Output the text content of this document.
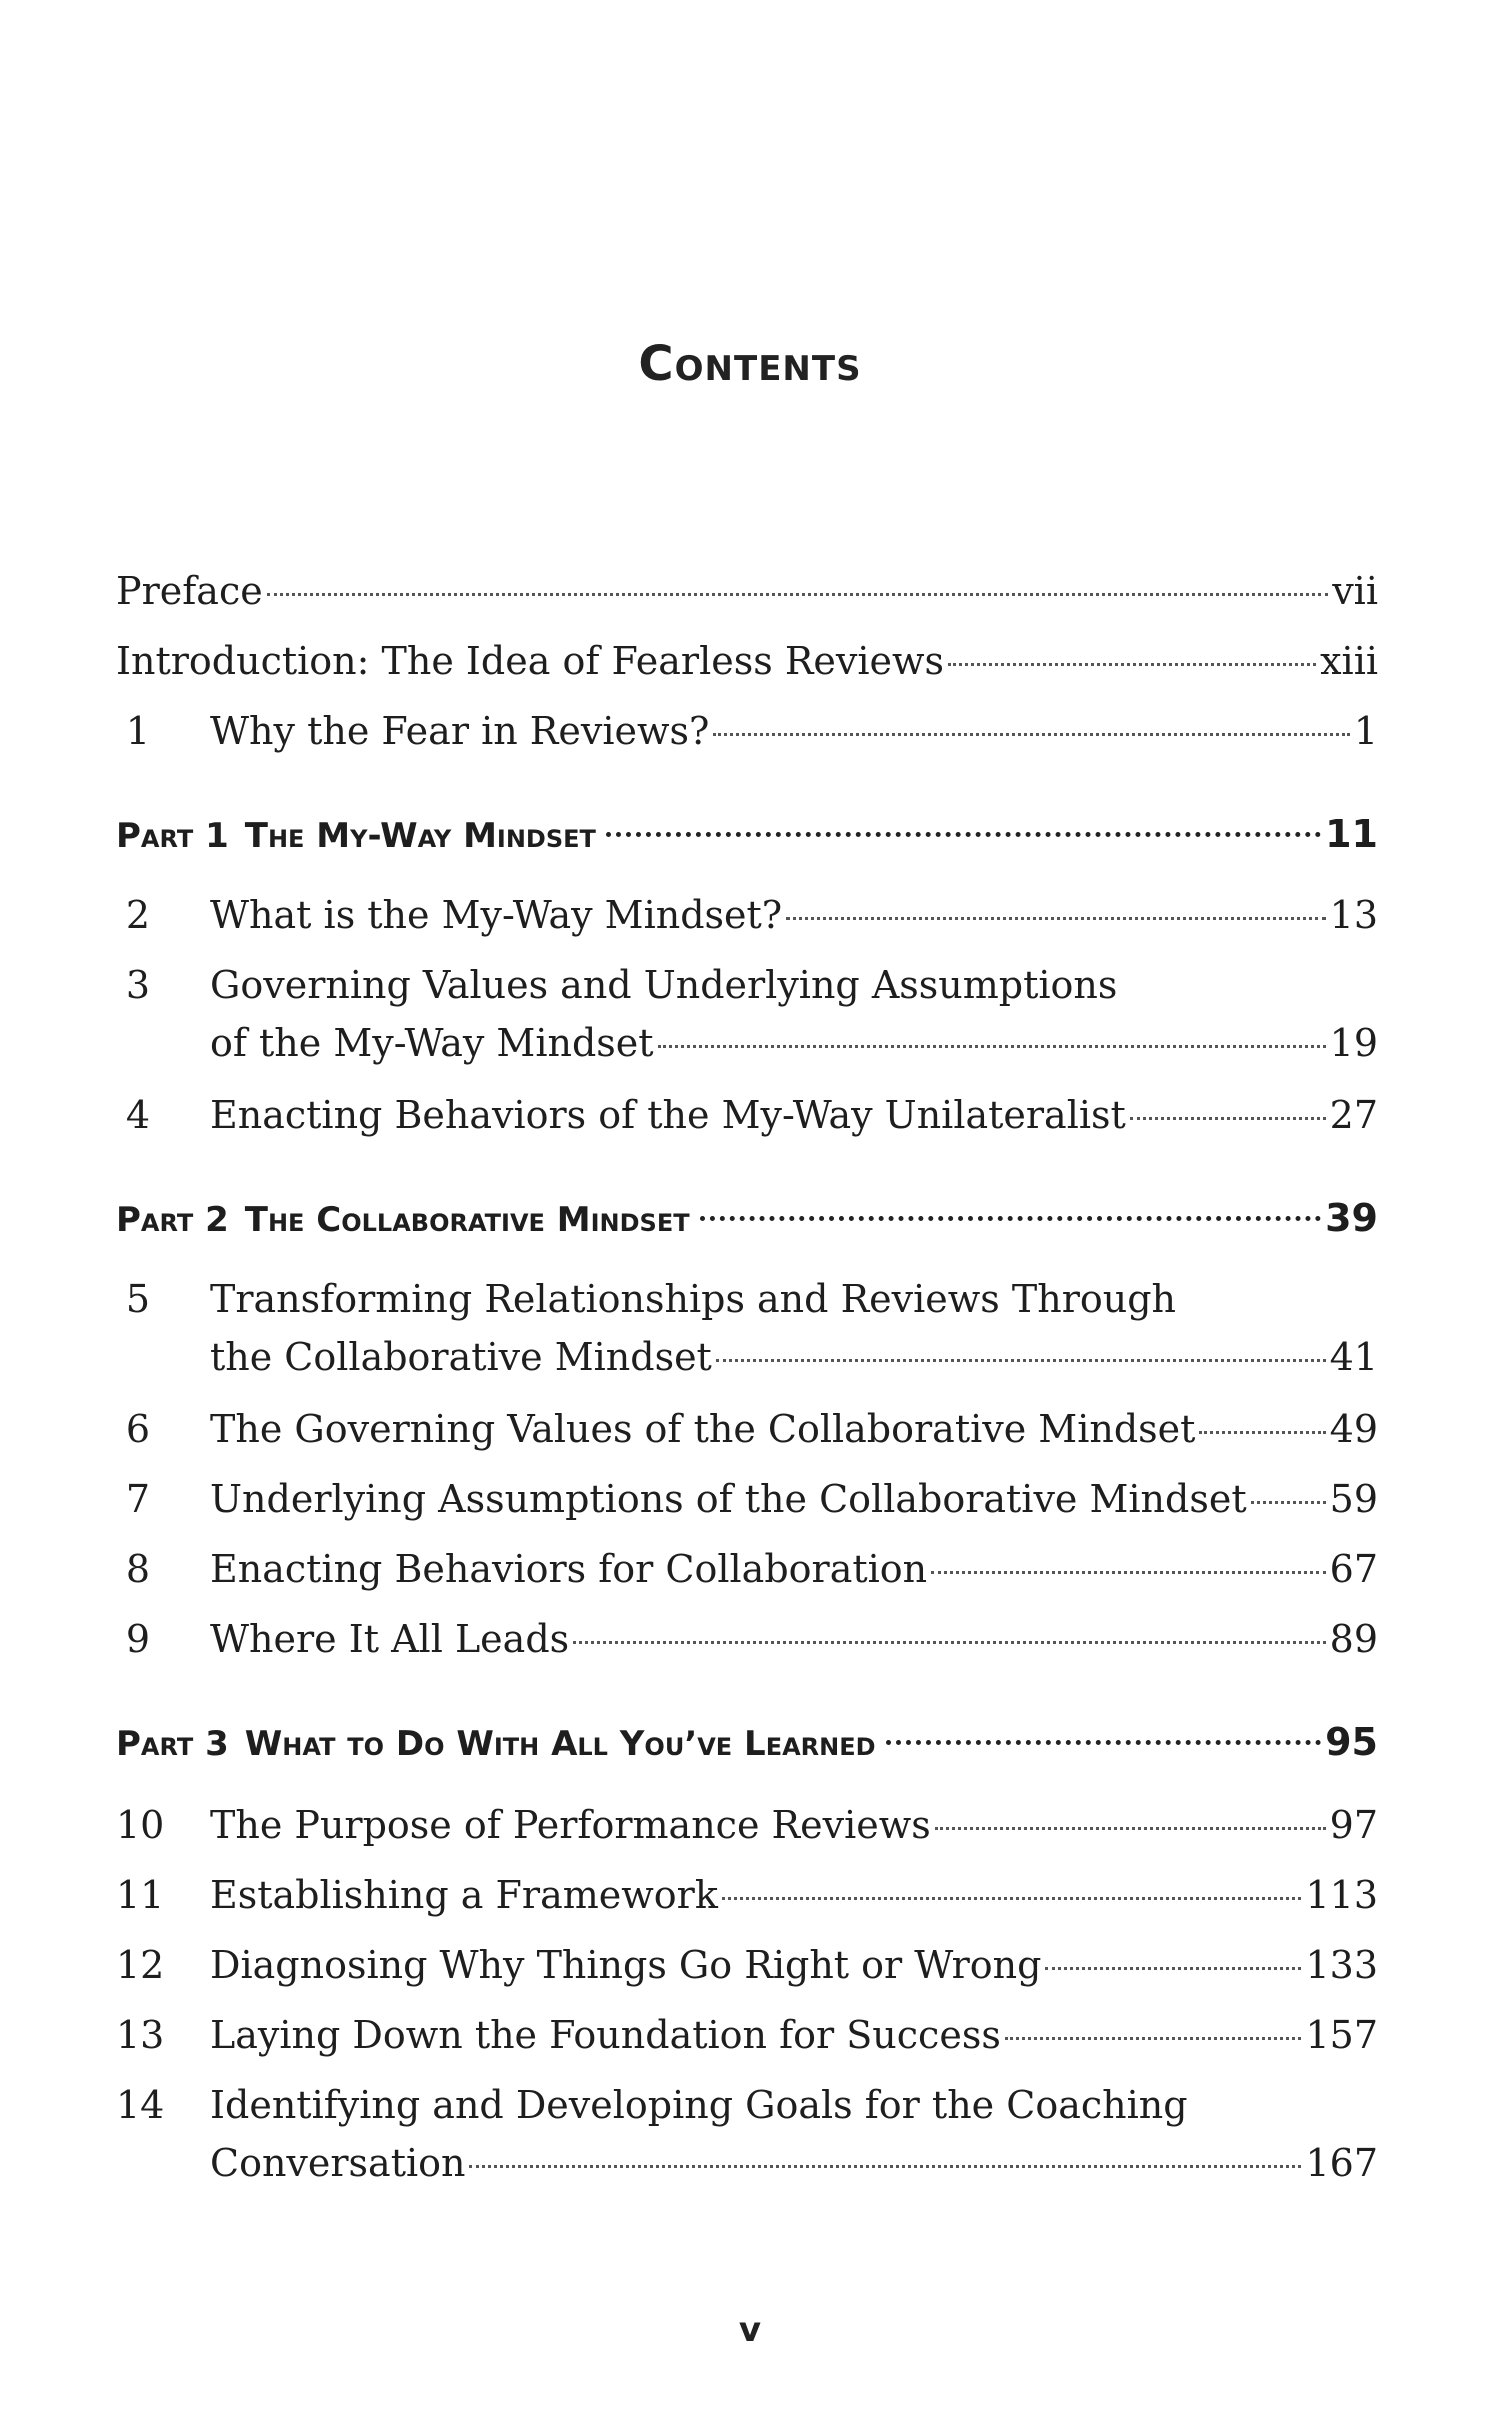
Contents
Preface	vii
Introduction: The Idea of Fearless Reviews	xiii
1 Why the Fear in Reviews?	1
Part 1 The My-Way Mindset	11
2 What is the My-Way Mindset?	13
3 Governing Values and Underlying Assumptions
of the My-Way Mindset	19
4 Enacting Behaviors of the My-Way Unilateralist	27
Part 2 The Collaborative Mindset	39
5 Transforming Relationships and Reviews Through
the Collaborative Mindset	41
6 The Governing Values of the Collaborative Mindset	49
7 Underlying Assumptions of the Collaborative Mindset 59
8 Enacting Behaviors for Collaboration	67
9 Where It All Leads	89
Part 3 What to Do With All You’ve Learned	95
10	The Purpose of Performance Reviews	97
11	Establishing a Framework	113
12	Diagnosing Why Things Go Right or Wrong	133
13	Laying Down the Foundation for Success	157
14	Identifying and Developing Goals for the Coaching
Conversation	167
v
